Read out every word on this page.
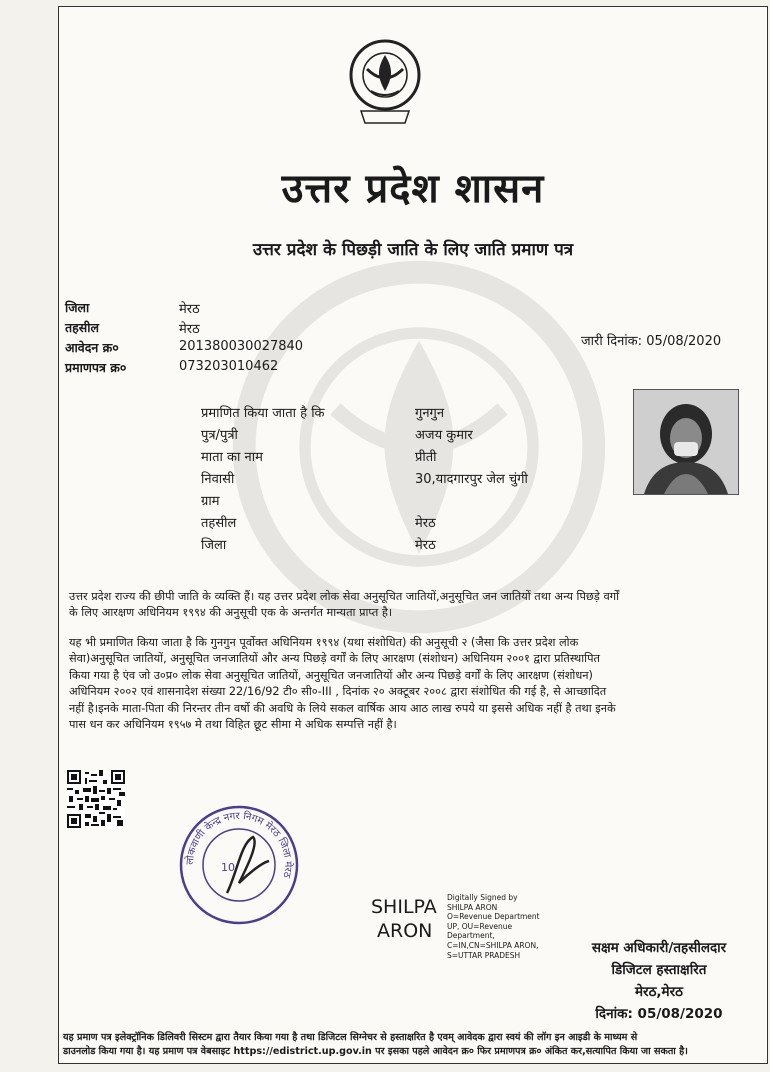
उत्तर प्रदेश शासन
उत्तर प्रदेश के पिछड़ी जाति के लिए जाति प्रमाण पत्र
जिला	मेरठ
तहसील	मेरठ
आवेदन क्र०	201380030027840
प्रमाणपत्र क्र०	073203010462
जारी दिनांक: 05/08/2020
प्रमाणित किया जाता है कि	गुनगुन
पुत्र/पुत्री	अजय कुमार
माता का नाम	प्रीती
निवासी	30,यादगारपुर जेल चुंगी
ग्राम
तहसील	मेरठ
जिला	मेरठ
उत्तर प्रदेश राज्य की छीपी जाति के व्यक्ति हैं। यह उत्तर प्रदेश लोक सेवा अनुसूचित जातियों,अनुसूचित जन जातियों तथा अन्य पिछड़े वर्गों
के लिए आरक्षण अधिनियम १९९४ की अनुसूची एक के अन्तर्गत मान्यता प्राप्त है।
यह भी प्रमाणित किया जाता है कि गुनगुन पूर्वोक्त अधिनियम १९९४ (यथा संशोधित) की अनुसूची २ (जैसा कि उत्तर प्रदेश लोक
सेवा)अनुसूचित जातियों, अनुसूचित जनजातियों और अन्य पिछड़े वर्गों के लिए आरक्षण (संशोधन) अधिनियम २००१ द्वारा प्रतिस्थापित
किया गया है एंव जो उ०प्र० लोक सेवा अनुसूचित जातियों, अनुसूचित जनजातियों और अन्य पिछड़े वर्गों के लिए आरक्षण (संशोधन)
अधिनियम २००२ एवं शासनादेश संख्या 22/16/92 टी० सी०-III , दिनांक २० अक्टूबर २००८ द्वारा संशोधित की गई है, से आच्छादित
नहीं है।इनके माता-पिता की निरन्तर तीन वर्षो की अवधि के लिये सकल वार्षिक आय आठ लाख रुपये या इससे अधिक नहीं है तथा इनके
पास धन कर अधिनियम १९५७ मे तथा विहित छूट सीमा मे अधिक सम्पत्ति नहीं है।
लोकवाणी केन्द्र नगर निगम मेरठ जिला मेरठ
10
SHILPA
ARON
Digitally Signed by
SHILPA ARON
O=Revenue Department
UP, OU=Revenue
Department,
C=IN,CN=SHILPA ARON,
S=UTTAR PRADESH	सक्षम अधिकारी/तहसीलदार
डिजिटल हस्ताक्षरित
मेरठ,मेरठ
दिनांक: 05/08/2020
यह प्रमाण पत्र इलेक्ट्रॉनिक डिलिवरी सिस्टम द्वारा तैयार किया गया है तथा डिजिटल सिग्नेचर से हस्ताक्षरित है एवम् आवेदक द्वारा स्वयं की लॉग इन आइडी के माध्यम से
डाउनलोड किया गया है। यह प्रमाण पत्र वेबसाइट https://edistrict.up.gov.in पर इसका पहले आवेदन क्र० फिर प्रमाणपत्र क्र० अंकित कर,सत्यापित किया जा सकता है।
